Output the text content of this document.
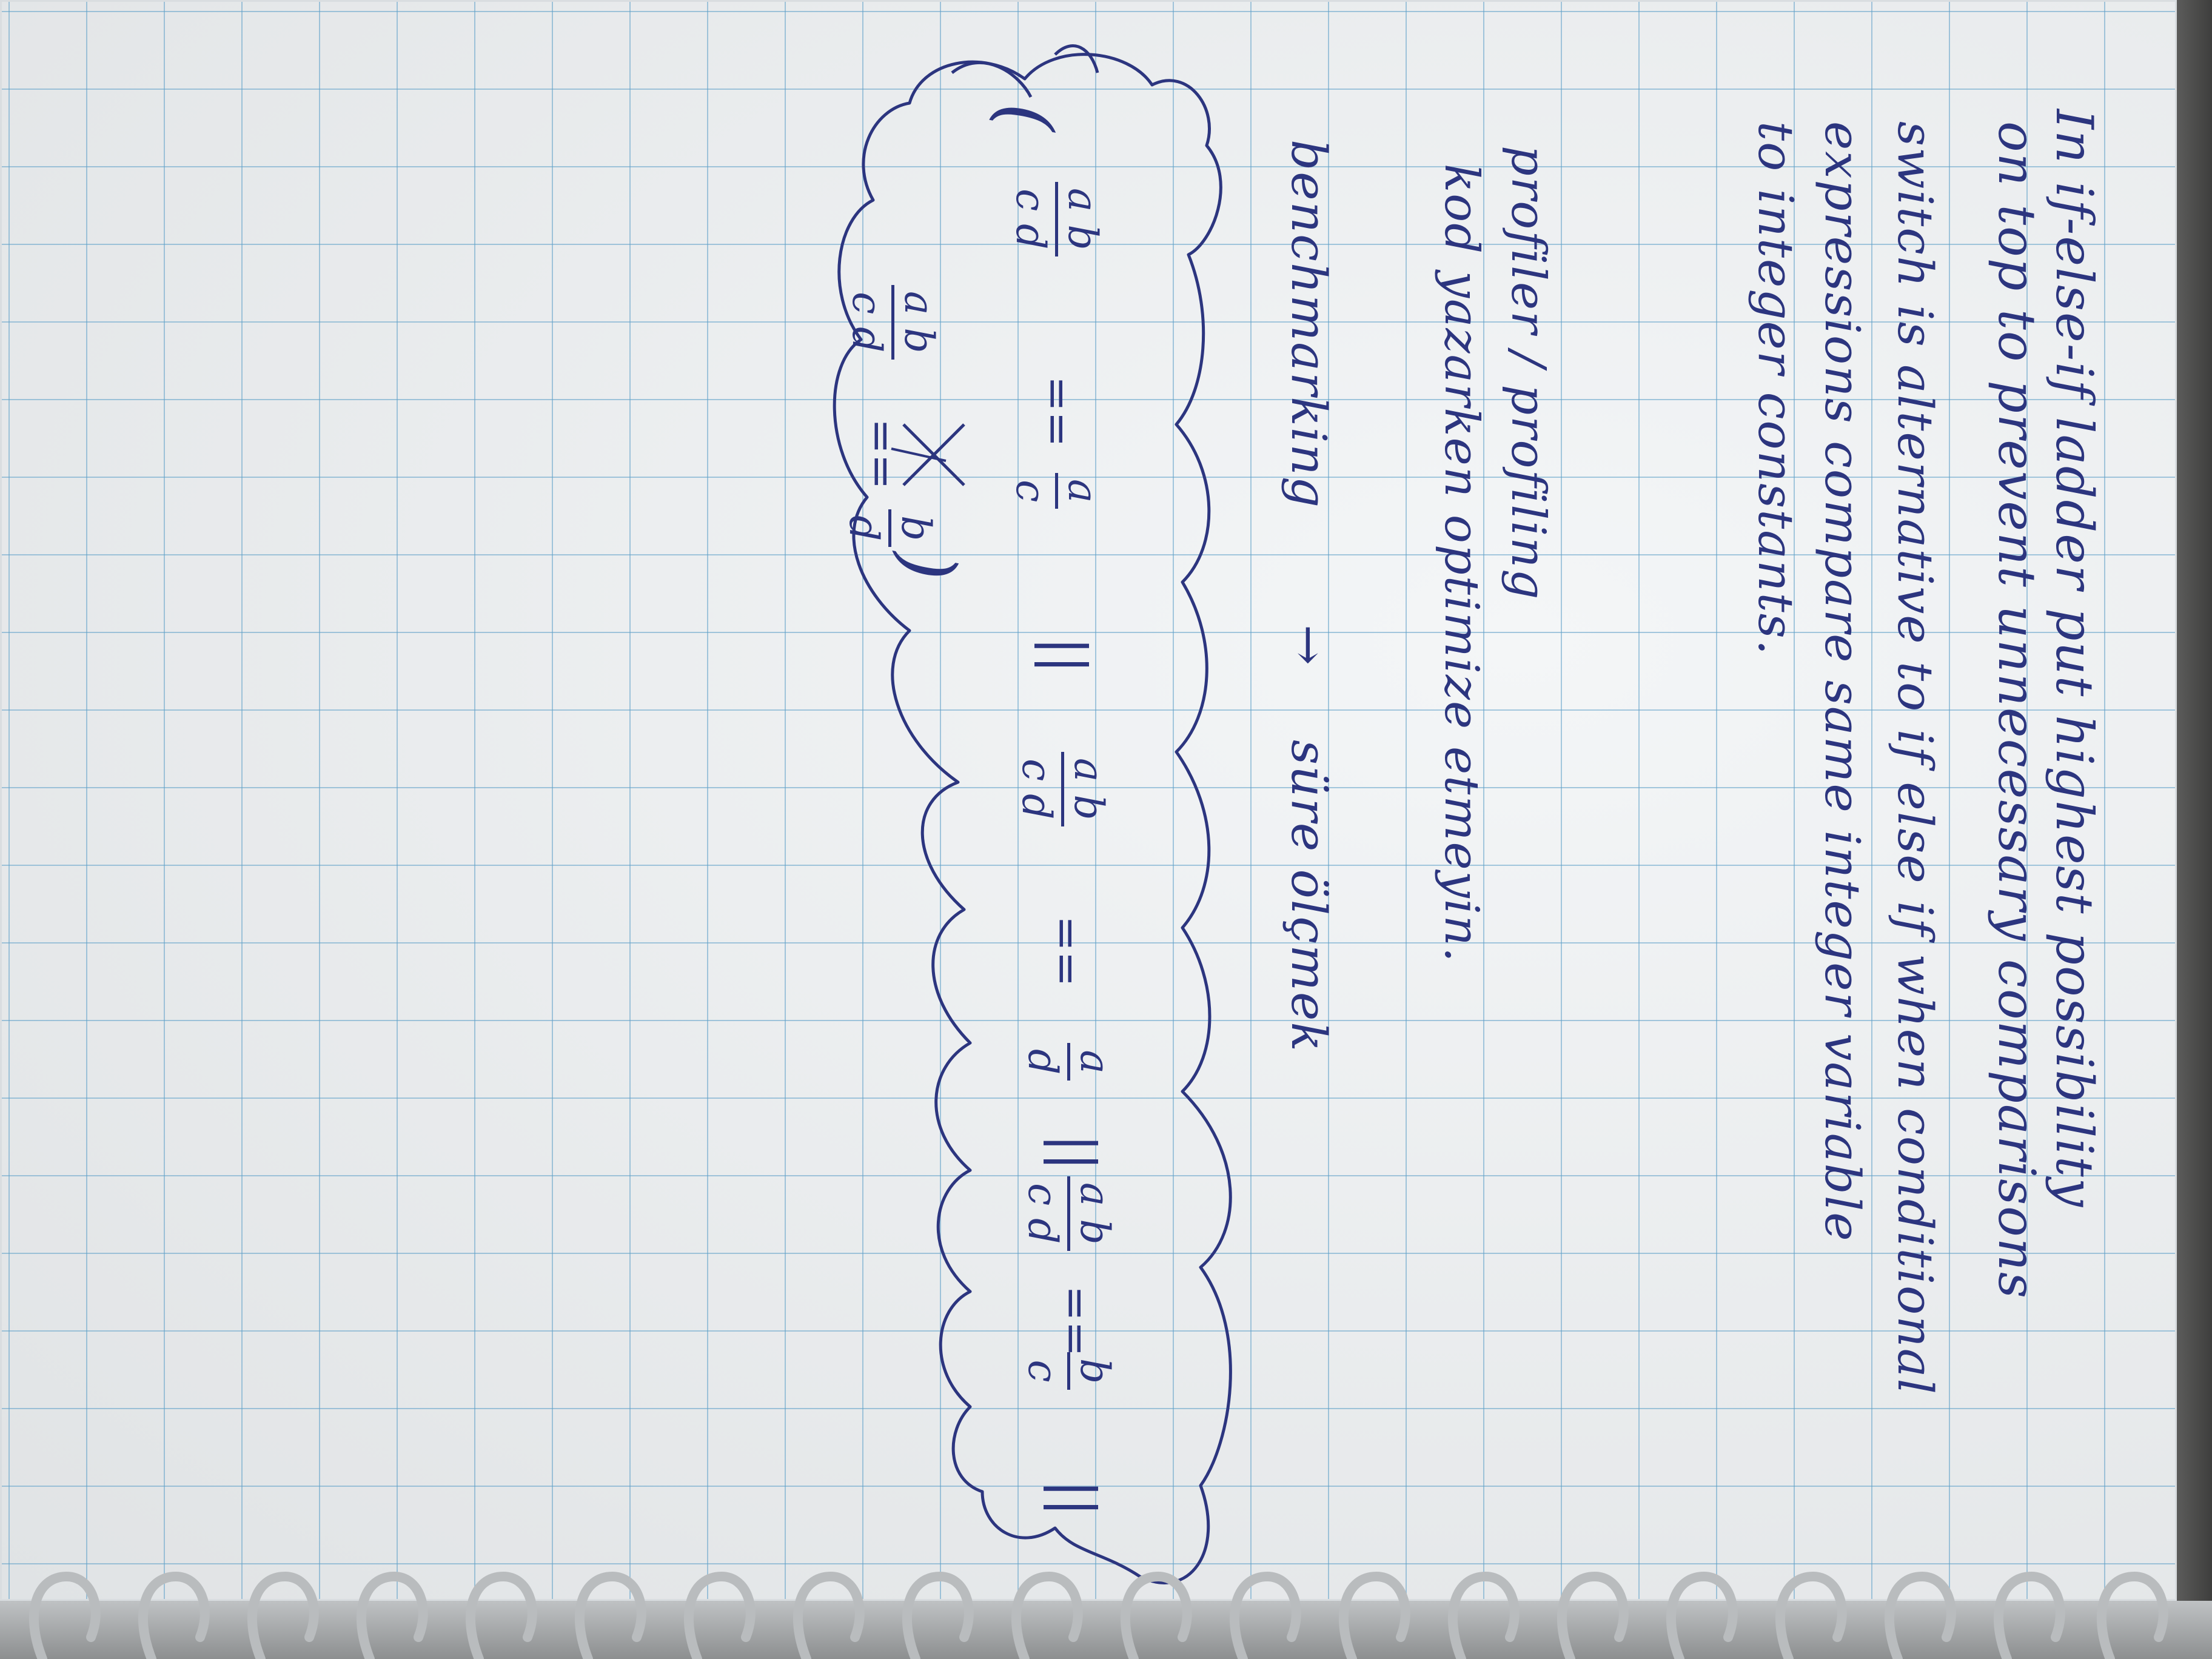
In if-else-if ladder put highest possibility
on top to prevent unnecessary comparisons
switch is alternative to if else if when conditional
expressions compare same integer variable
to integer constants.
profiler / profiling
kod yazarken optimize etmeyin.
benchmarking
→
süre ölçmek
(
a b
c d
==
a
c
||
a b
c d
==
a
d
||
a b
c d
==
b
c
||
a b
c d
==
b
d
)
